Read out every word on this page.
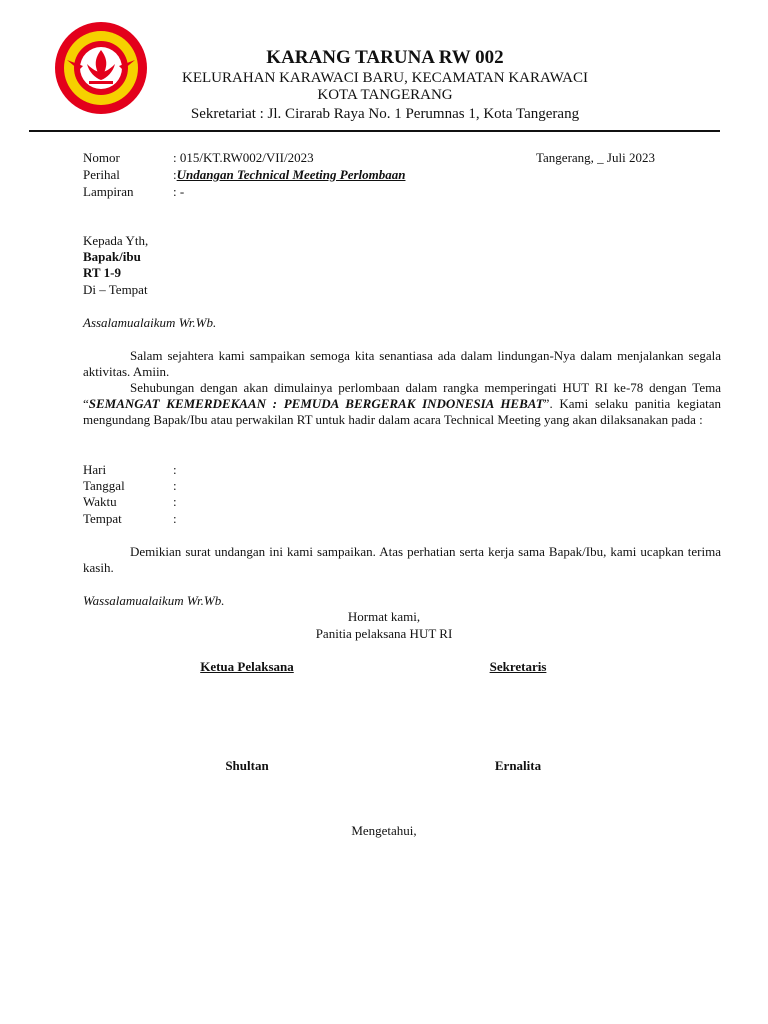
KARANG TARUNA RW 002
KELURAHAN KARAWACI BARU, KECAMATAN KARAWACI
KOTA TANGERANG
Sekretariat : Jl. Cirarab Raya No. 1 Perumnas 1, Kota Tangerang
Nomor	: 015/KT.RW002/VII/2023	Tangerang, _ Juli 2023
Perihal	:Undangan Technical Meeting Perlombaan
Lampiran	: -
Kepada Yth,
Bapak/ibu
RT 1-9
Di – Tempat
Assalamualaikum Wr.Wb.
Salam sejahtera kami sampaikan semoga kita senantiasa ada dalam lindungan-Nya dalam menjalankan segala aktivitas. Amiin.
Sehubungan dengan akan dimulainya perlombaan dalam rangka memperingati HUT RI ke-78 dengan Tema “SEMANGAT KEMERDEKAAN : PEMUDA BERGERAK INDONESIA HEBAT”. Kami selaku panitia kegiatan mengundang Bapak/Ibu atau perwakilan RT untuk hadir dalam acara Technical Meeting yang akan dilaksanakan pada :
Hari	:
Tanggal	:
Waktu	:
Tempat	:
Demikian surat undangan ini kami sampaikan. Atas perhatian serta kerja sama Bapak/Ibu, kami ucapkan terima kasih.
Wassalamualaikum Wr.Wb.
Hormat kami,
Panitia pelaksana HUT RI
Ketua Pelaksana	Sekretaris
Shultan	Ernalita
Mengetahui,
